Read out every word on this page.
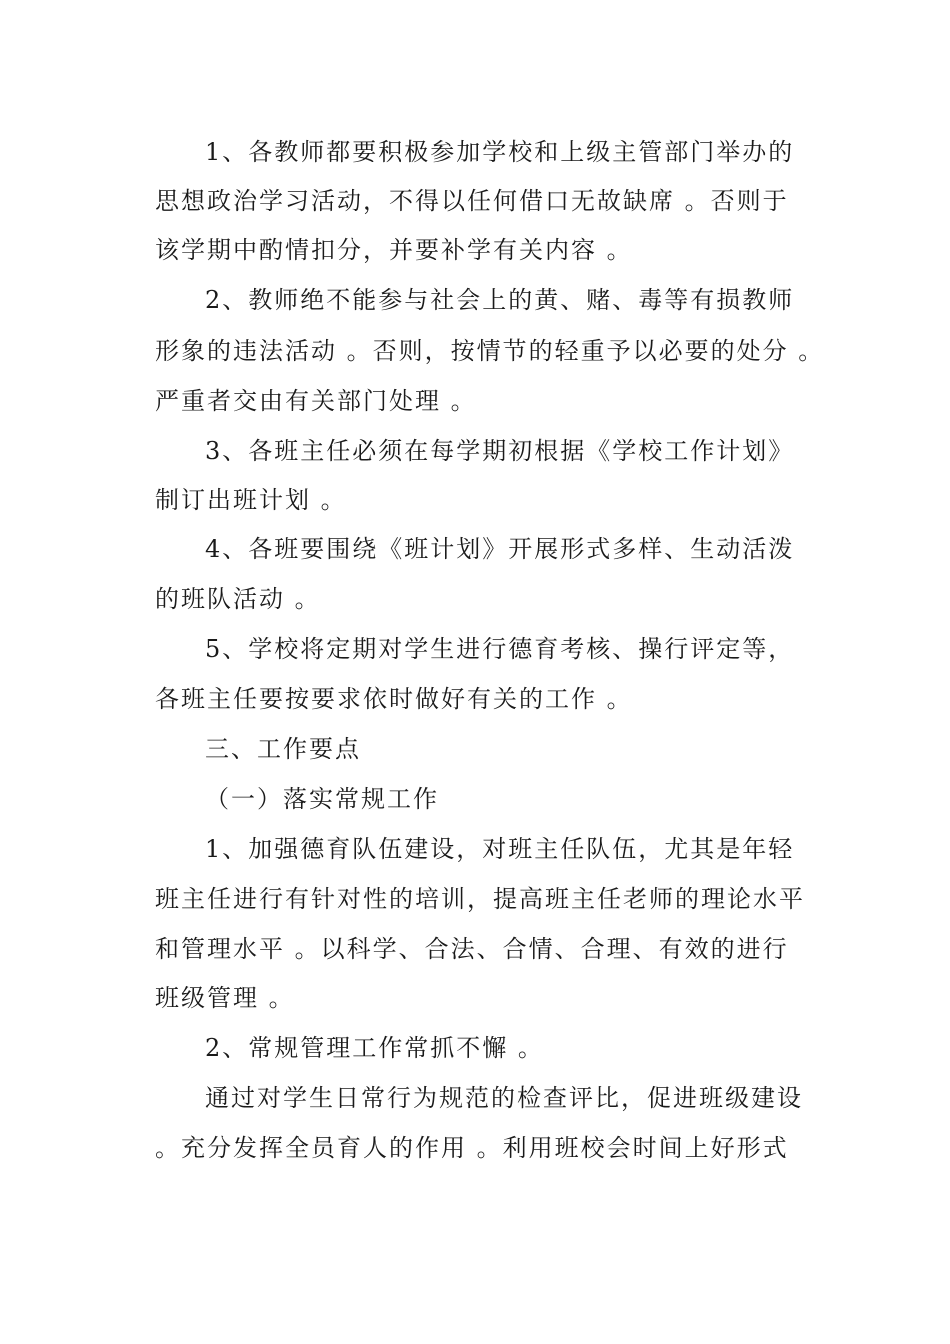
1、各教师都要积极参加学校和上级主管部门举办的
思想政治学习活动，不得以任何借口无故缺席 。否则于
该学期中酌情扣分，并要补学有关内容 。
2、教师绝不能参与社会上的黄、赌、毒等有损教师
形象的违法活动 。否则，按情节的轻重予以必要的处分 。
严重者交由有关部门处理 。
3、各班主任必须在每学期初根据《学校工作计划》
制订出班计划 。
4、各班要围绕《班计划》开展形式多样、生动活泼
的班队活动 。
5、学校将定期对学生进行德育考核、操行评定等，
各班主任要按要求依时做好有关的工作 。
三、工作要点
（一）落实常规工作
1、加强德育队伍建设，对班主任队伍，尤其是年轻
班主任进行有针对性的培训，提高班主任老师的理论水平
和管理水平 。以科学、合法、合情、合理、有效的进行
班级管理 。
2、常规管理工作常抓不懈 。
通过对学生日常行为规范的检查评比，促进班级建设
。充分发挥全员育人的作用 。利用班校会时间上好形式
